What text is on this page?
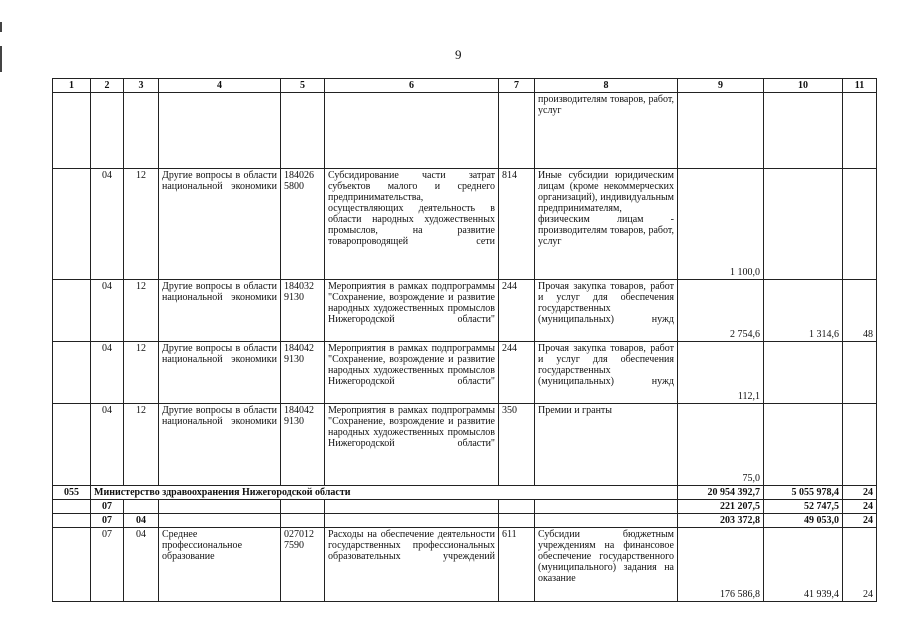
9
1	2	3	4	5	6	7	8	9	10	11
							производителям товаров, работ, услуг			
	04	12	Другие вопросы в области национальной экономики	184026 5800	Субсидирование части затрат субъектов малого и среднего предпринимательства, осуществляющих деятельность в области народных художественных промыслов, на развитие товаропроводящей сети	814	Иные субсидии юридическим лицам (кроме некоммерческих организаций), индивидуальным предпринимателям, физическим лицам - производителям товаров, работ, услуг	1 100,0		
	04	12	Другие вопросы в области национальной экономики	184032 9130	Мероприятия в рамках подпрограммы "Сохранение, возрождение и развитие народных художественных промыслов Нижегородской области"	244	Прочая закупка товаров, работ и услуг для обеспечения государственных (муниципальных) нужд	2 754,6	1 314,6	48
	04	12	Другие вопросы в области национальной экономики	184042 9130	Мероприятия в рамках подпрограммы "Сохранение, возрождение и развитие народных художественных промыслов Нижегородской области"	244	Прочая закупка товаров, работ и услуг для обеспечения государственных (муниципальных) нужд	112,1		
	04	12	Другие вопросы в области национальной экономики	184042 9130	Мероприятия в рамках подпрограммы "Сохранение, возрождение и развитие народных художественных промыслов Нижегородской области"	350	Премии и гранты	75,0		
055	Министерство здравоохранения Нижегородской области							20 954 392,7	5 055 978,4	24
	07							221 207,5	52 747,5	24
	07	04						203 372,8	49 053,0	24
	07	04	Среднее профессиональное образование	027012 7590	Расходы на обеспечение деятельности государственных профессиональных образовательных учреждений	611	Субсидии бюджетным учреждениям на финансовое обеспечение государственного (муниципального) задания на оказание	176 586,8	41 939,4	24
